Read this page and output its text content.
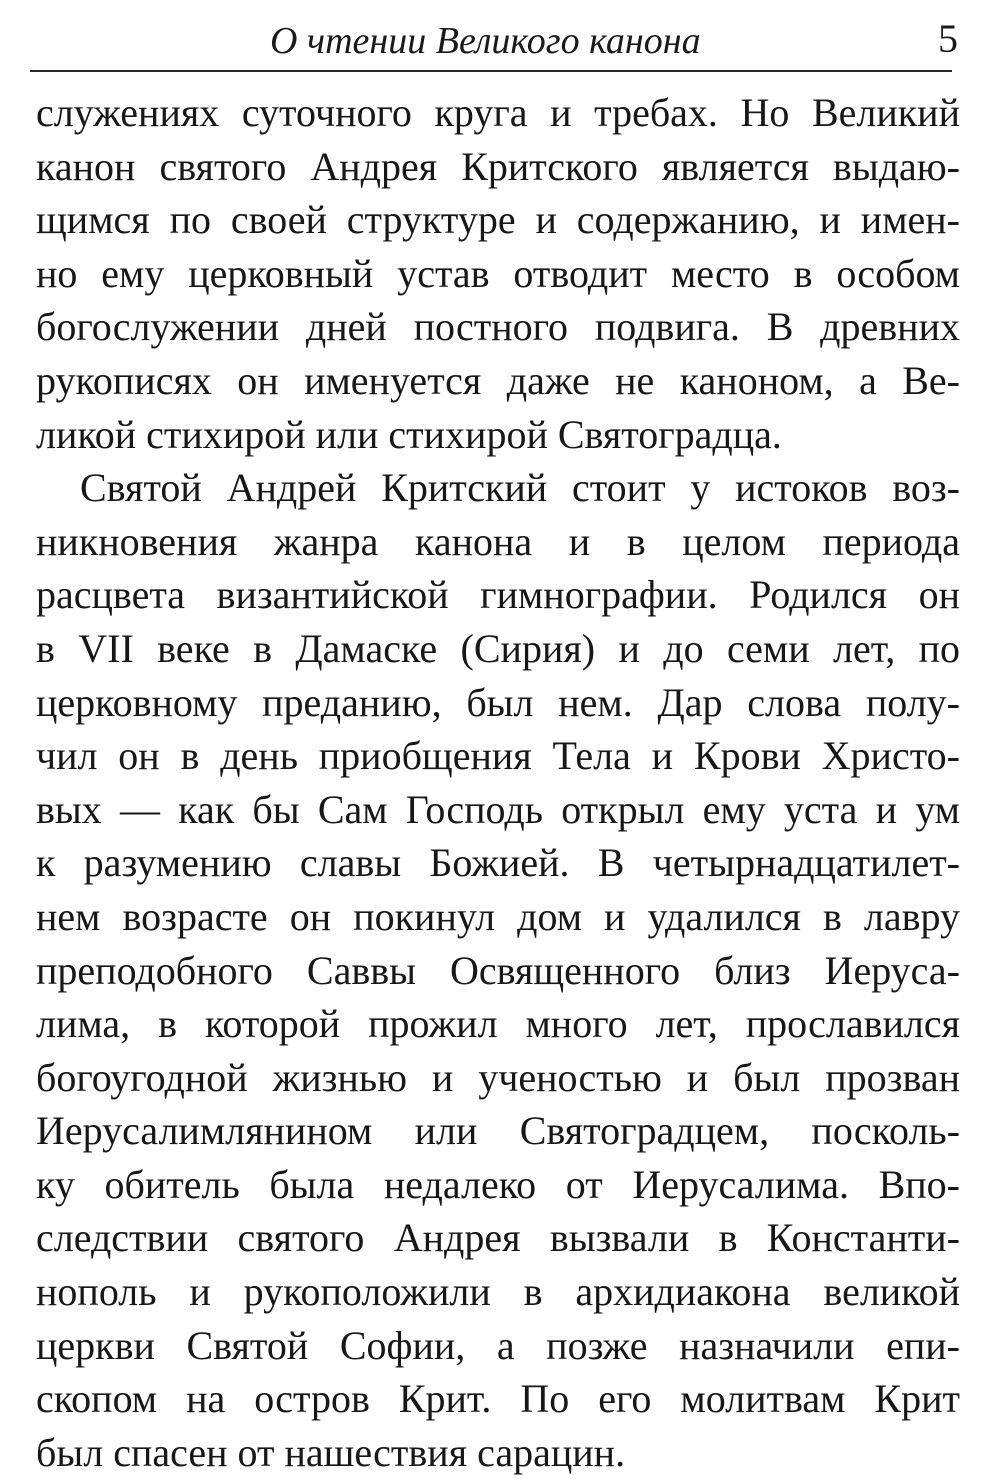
О чтении Великого канона	5
служениях суточного круга и требах. Но Великий
канон святого Андрея Критского является выдаю-
щимся по своей структуре и содержанию, и имен-
но ему церковный устав отводит место в особом
богослужении дней постного подвига. В древних
рукописях он именуется даже не каноном, а Ве-
ликой стихирой или стихирой Святоградца.
Святой Андрей Критский стоит у истоков воз-
никновения жанра канона и в целом периода
расцвета византийской гимнографии. Родился он
в VII веке в Дамаске (Сирия) и до семи лет, по
церковному преданию, был нем. Дар слова полу-
чил он в день приобщения Тела и Крови Христо-
вых — как бы Сам Господь открыл ему уста и ум
к разумению славы Божией. В четырнадцатилет-
нем возрасте он покинул дом и удалился в лавру
преподобного Саввы Освященного близ Иеруса-
лима, в которой прожил много лет, прославился
богоугодной жизнью и ученостью и был прозван
Иерусалимлянином или Святоградцем, посколь-
ку обитель была недалеко от Иерусалима. Впо-
следствии святого Андрея вызвали в Константи-
нополь и рукоположили в архидиакона великой
церкви Святой Софии, а позже назначили епи-
скопом на остров Крит. По его молитвам Крит
был спасен от нашествия сарацин.
